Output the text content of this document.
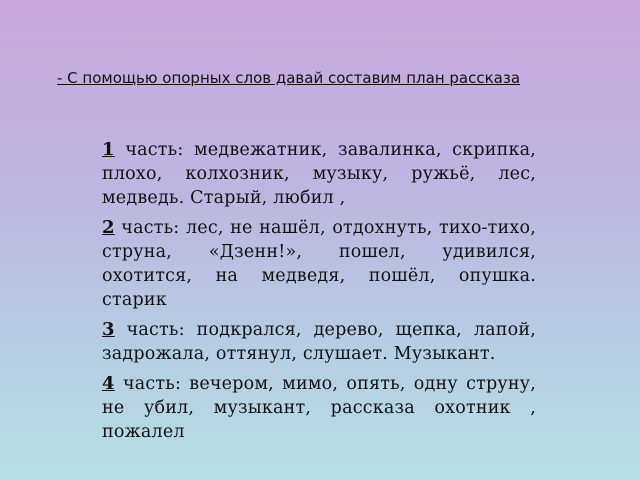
- С помощью опорных слов давай составим план рассказа

1 часть: медвежатник, завалинка, скрипка, плохо, колхозник, музыку, ружьё, лес, медведь. Старый, любил ,
2 часть: лес, не нашёл, отдохнуть, тихо-тихо, струна, «Дзенн!», пошел, удивился, охотится, на медведя, пошёл, опушка. старик
3 часть: подкрался, дерево, щепка, лапой, задрожала, оттянул, слушает. Музыкант.
4 часть: вечером, мимо, опять, одну струну, не убил, музыкант, рассказа охотник , пожалел
